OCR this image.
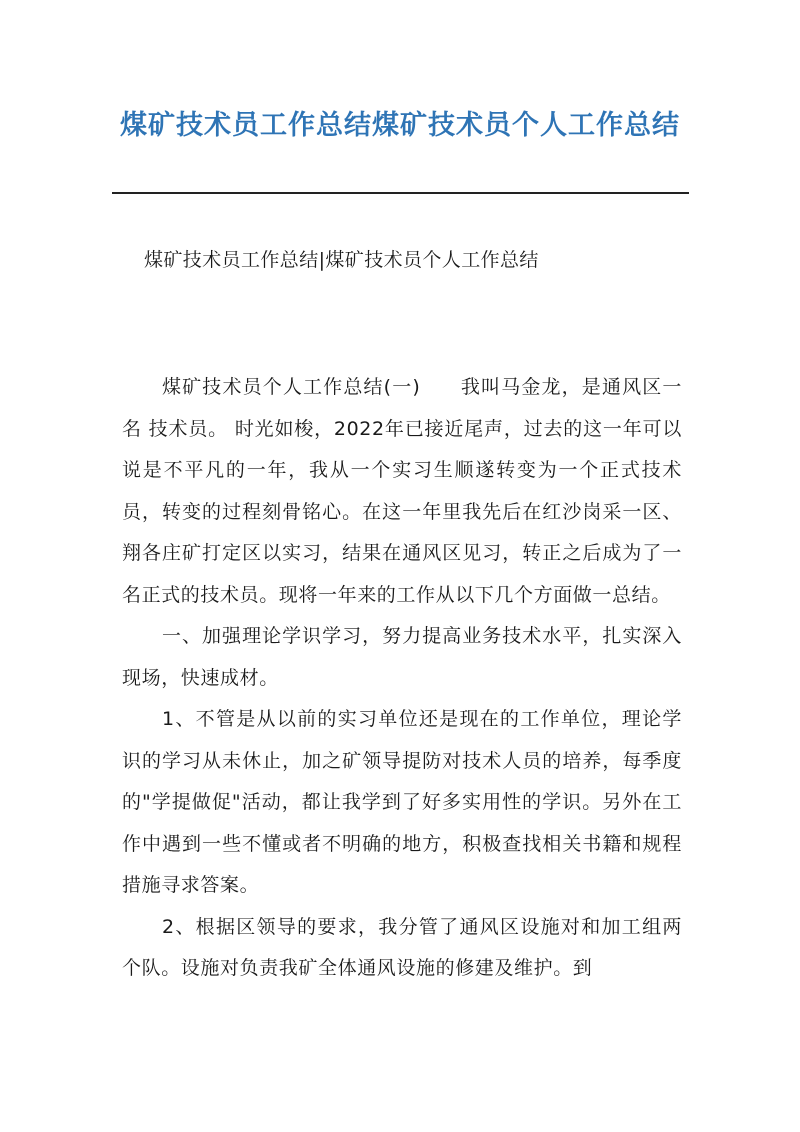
煤矿技术员工作总结煤矿技术员个人工作总结

煤矿技术员工作总结|煤矿技术员个人工作总结

煤矿技术员个人工作总结(一) 我叫马金龙，是通风区一名 技术员。 时光如梭，2022年已接近尾声，过去的这一年可以说是不平凡的一年，我从一个实习生顺遂转变为一个正式技术员，转变的过程刻骨铭心。在这一年里我先后在红沙岗采一区、翔各庄矿打定区以实习，结果在通风区见习，转正之后成为了一名正式的技术员。现将一年来的工作从以下几个方面做一总结。

一、加强理论学识学习，努力提高业务技术水平，扎实深入现场，快速成材。

1、不管是从以前的实习单位还是现在的工作单位，理论学识的学习从未休止，加之矿领导提防对技术人员的培养，每季度的"学提做促"活动，都让我学到了好多实用性的学识。另外在工作中遇到一些不懂或者不明确的地方，积极查找相关书籍和规程措施寻求答案。

2、根据区领导的要求，我分管了通风区设施对和加工组两个队。设施对负责我矿全体通风设施的修建及维护。到
